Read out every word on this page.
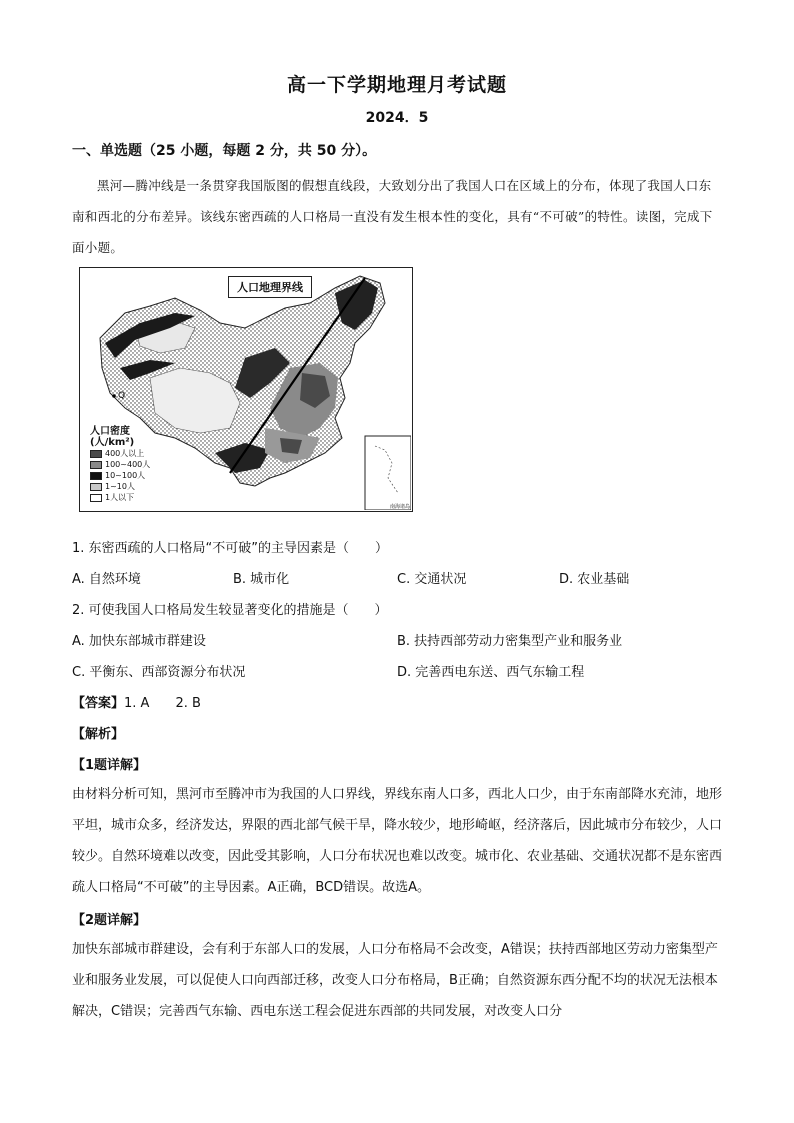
高一下学期地理月考试题
2024．5
一、单选题（25 小题，每题 2 分，共 50 分）。
黑河—腾冲线是一条贯穿我国版图的假想直线段，大致划分出了我国人口在区域上的分布，体现了我国人口东南和西北的分布差异。该线东密西疏的人口格局一直没有发生根本性的变化，具有“不可破”的特性。读图，完成下面小题。
人口地理界线
Q
人口密度
(人/km²)
400人以上
100~400人
10~100人
1~10人
1人以下
南海诸岛
1. 东密西疏的人口格局“不可破”的主导因素是（　　）
A. 自然环境	B. 城市化	C. 交通状况	D. 农业基础
2. 可使我国人口格局发生较显著变化的措施是（　　）
A. 加快东部城市群建设	B. 扶持西部劳动力密集型产业和服务业
C. 平衡东、西部资源分布状况	D. 完善西电东送、西气东输工程
【答案】1. A　　2. B
【解析】
【1题详解】
由材料分析可知，黑河市至腾冲市为我国的人口界线，界线东南人口多，西北人口少，由于东南部降水充沛，地形平坦，城市众多，经济发达，界限的西北部气候干旱，降水较少，地形崎岖，经济落后，因此城市分布较少，人口较少。自然环境难以改变，因此受其影响，人口分布状况也难以改变。城市化、农业基础、交通状况都不是东密西疏人口格局“不可破”的主导因素。A正确，BCD错误。故选A。
【2题详解】
加快东部城市群建设，会有利于东部人口的发展，人口分布格局不会改变，A错误；扶持西部地区劳动力密集型产业和服务业发展，可以促使人口向西部迁移，改变人口分布格局，B正确；自然资源东西分配不均的状况无法根本解决，C错误；完善西气东输、西电东送工程会促进东西部的共同发展，对改变人口分
